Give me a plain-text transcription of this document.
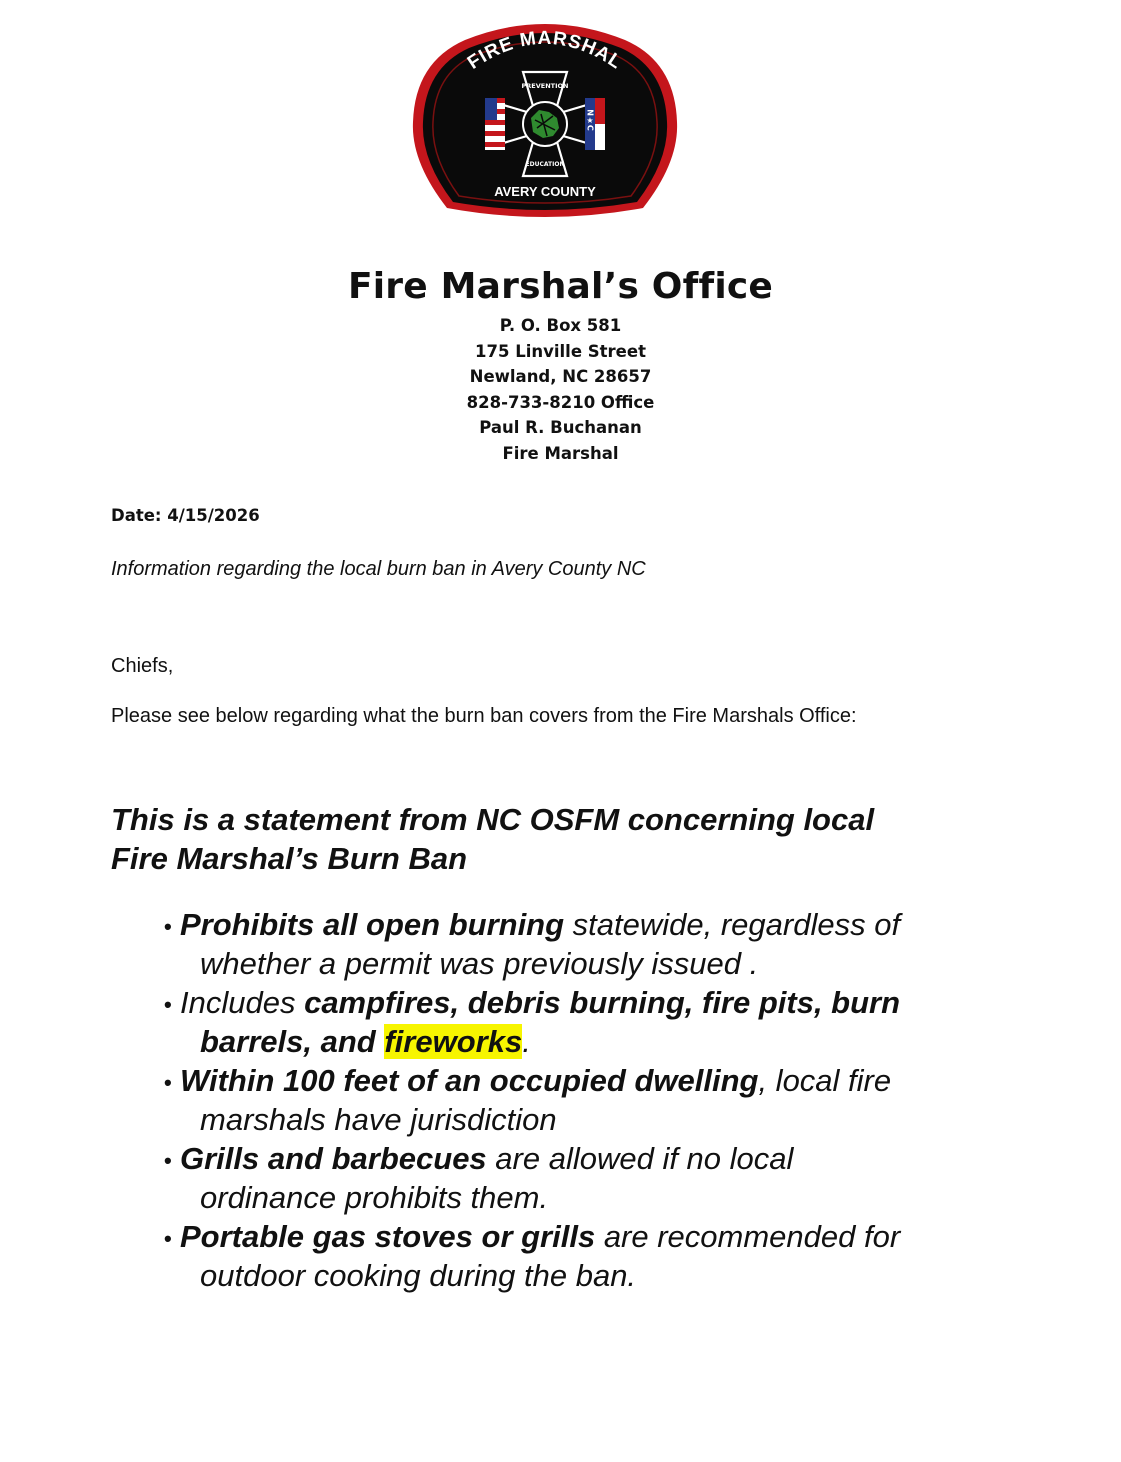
FIRE MARSHAL
N★C
PREVENTION
EDUCATION
AVERY COUNTY
Fire Marshal’s Office
P. O. Box 581
175 Linville Street
Newland, NC 28657
828-733-8210 Office
Paul R. Buchanan
Fire Marshal
Date: 4/15/2026
Information regarding the local burn ban in Avery County NC
Chiefs,
Please see below regarding what the burn ban covers from the Fire Marshals Office:
This is a statement from NC OSFM concerning local
Fire Marshal’s Burn Ban
• Prohibits all open burning statewide, regardless of
whether a permit was previously issued .
• Includes campfires, debris burning, fire pits, burn
barrels, and fireworks.
• Within 100 feet of an occupied dwelling, local fire
marshals have jurisdiction
• Grills and barbecues are allowed if no local
ordinance prohibits them.
• Portable gas stoves or grills are recommended for
outdoor cooking during the ban.
